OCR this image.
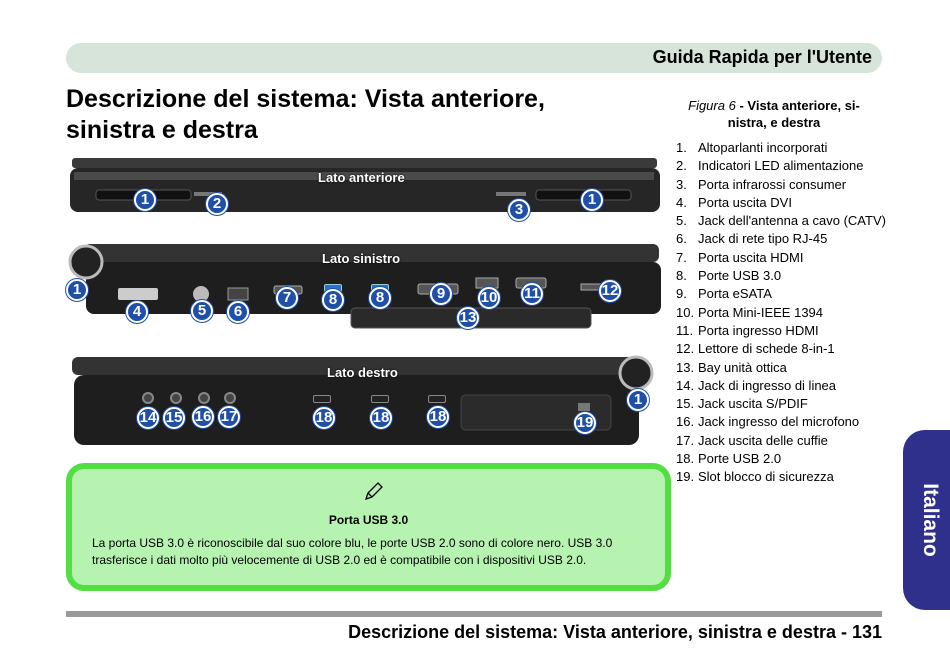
Guida Rapida per l'Utente
Descrizione del sistema: Vista anteriore, sinistra e destra
Lato anteriore
1	2	3
1
Lato sinistro
1
4	5	6
7	8	8	9	10 11	12
13
Lato destro
14 15 16 17	18	18	18
1
19
Figura 6 - Vista anteriore, si-nistra, e destra
1. Altoparlanti incorporati
2. Indicatori LED alimentazione
3. Porta infrarossi consumer
4. Porta uscita DVI
5. Jack dell'antenna a cavo (CATV)
6. Jack di rete tipo RJ-45
7. Porta uscita HDMI
8. Porte USB 3.0
9. Porta eSATA
10. Porta Mini-IEEE 1394
11. Porta ingresso HDMI
12. Lettore di schede 8-in-1
13. Bay unità ottica
14. Jack di ingresso di linea
15. Jack uscita S/PDIF
16. Jack ingresso del microfono
17. Jack uscita delle cuffie
18. Porte USB 2.0
19. Slot blocco di sicurezza
Italiano
Porta USB 3.0
La porta USB 3.0 è riconoscibile dal suo colore blu, le porte USB 2.0 sono di colore nero. USB 3.0 trasferisce i dati molto più velocemente di USB 2.0 ed è compatibile con i dispositivi USB 2.0.
Descrizione del sistema: Vista anteriore, sinistra e destra - 131
